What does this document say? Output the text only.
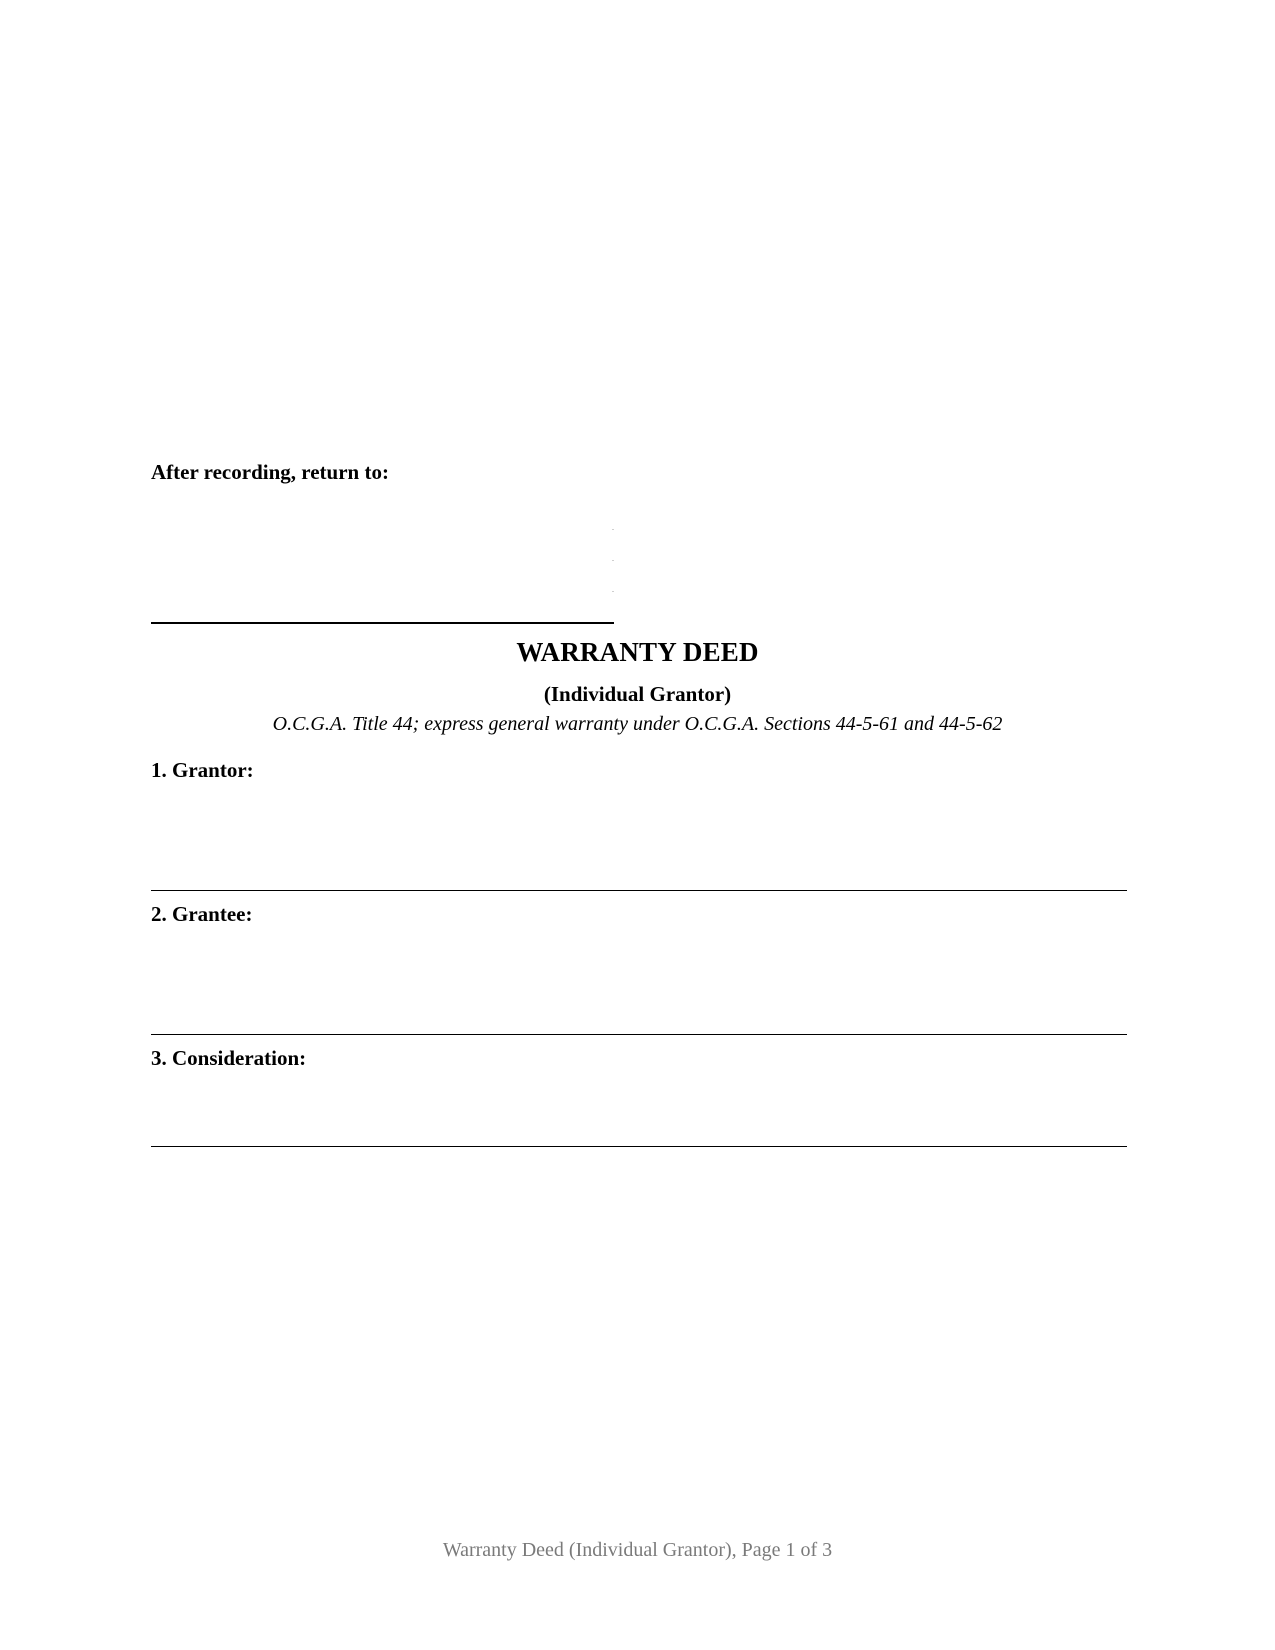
After recording, return to:
WARRANTY DEED
(Individual Grantor)
O.C.G.A. Title 44; express general warranty under O.C.G.A. Sections 44-5-61 and 44-5-62
1. Grantor:
2. Grantee:
3. Consideration:
Warranty Deed (Individual Grantor), Page 1 of 3
